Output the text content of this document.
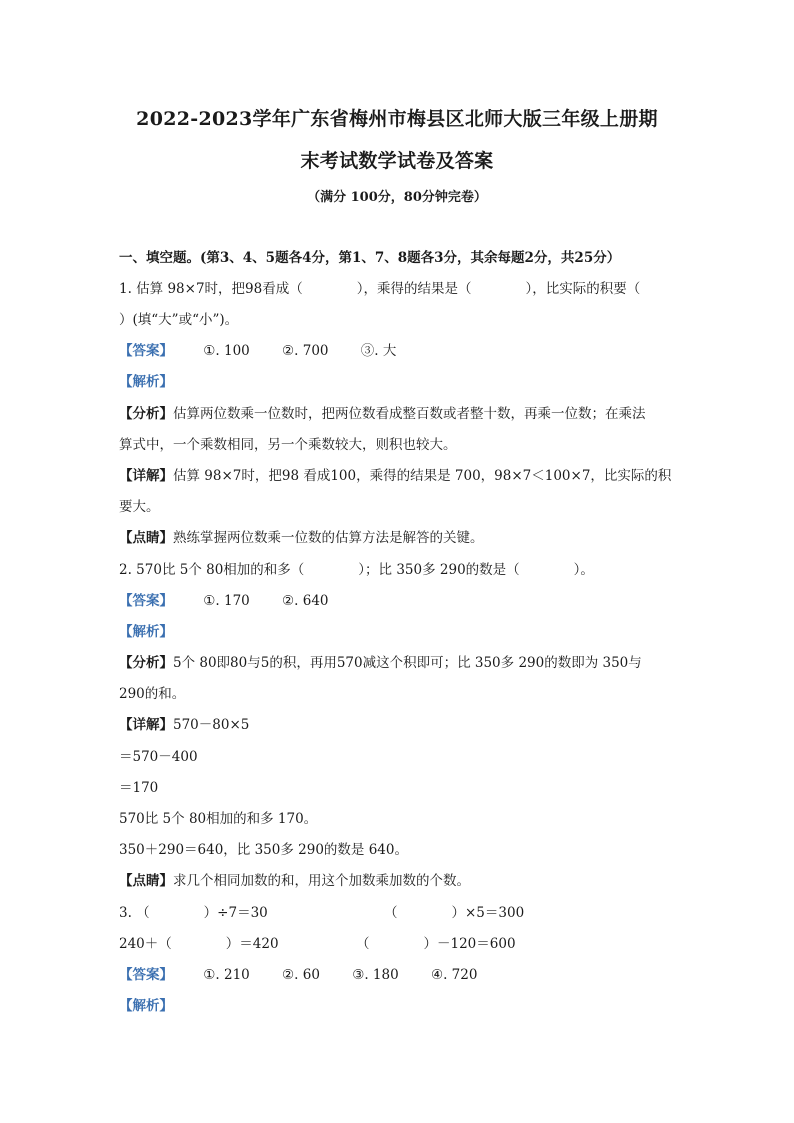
2022-2023学年广东省梅州市梅县区北师大版三年级上册期
末考试数学试卷及答案
（满分 100分，80分钟完卷）
一、填空题。(第3、4、5题各4分，第1、7、8题各3分，其余每题2分，共25分）
1. 估算 98×7时，把98看成（　　　　），乘得的结果是（　　　　），比实际的积要（
）(填“大”或“小”)。
【答案】 ①. 100 ②. 700 ③. 大
【解析】
【分析】估算两位数乘一位数时，把两位数看成整百数或者整十数，再乘一位数；在乘法
算式中，一个乘数相同，另一个乘数较大，则积也较大。
【详解】估算 98×7时，把98 看成100，乘得的结果是 700，98×7＜100×7，比实际的积
要大。
【点睛】熟练掌握两位数乘一位数的估算方法是解答的关键。
2. 570比 5个 80相加的和多（　　　　）；比 350多 290的数是（　　　　）。
【答案】 ①. 170 ②. 640
【解析】
【分析】5个 80即80与5的积，再用570减这个积即可；比 350多 290的数即为 350与
290的和。
【详解】570－80×5
＝570－400
＝170
570比 5个 80相加的和多 170。
350＋290＝640，比 350多 290的数是 640。
【点睛】求几个相同加数的和，用这个加数乘加数的个数。
3. （　　　　）÷7＝30	（　　　　）×5＝300
240＋（　　　　）＝420	（　　　　）－120＝600
【答案】 ①. 210 ②. 60 ③. 180 ④. 720
【解析】
